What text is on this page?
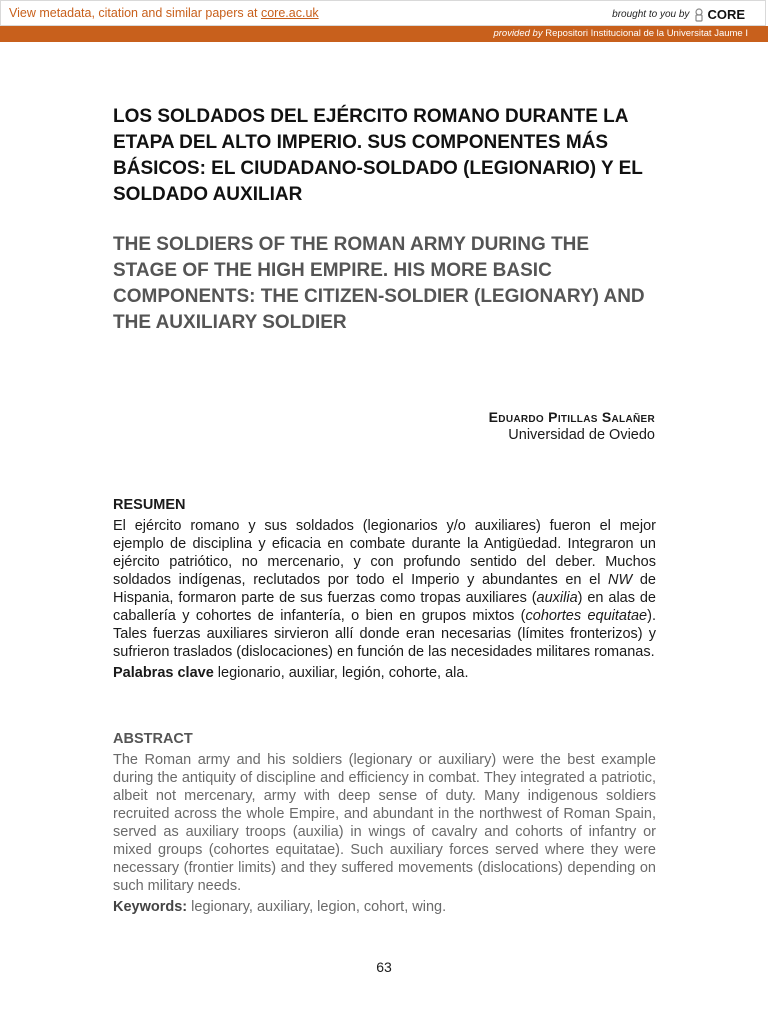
View metadata, citation and similar papers at core.ac.uk	brought to you by CORE
provided by Repositori Institucional de la Universitat Jaume I
LOS SOLDADOS DEL EJÉRCITO ROMANO DURANTE LA ETAPA DEL ALTO IMPERIO. SUS COMPONENTES MÁS BÁSICOS: EL CIUDADANO-SOLDADO (LEGIONARIO) Y EL SOLDADO AUXILIAR
THE SOLDIERS OF THE ROMAN ARMY DURING THE STAGE OF THE HIGH EMPIRE. HIS MORE BASIC COMPONENTS: THE CITIZEN-SOLDIER (LEGIONARY) AND THE AUXILIARY SOLDIER
Eduardo Pitillas Salañer
Universidad de Oviedo
RESUMEN

El ejército romano y sus soldados (legionarios y/o auxiliares) fueron el mejor ejemplo de disciplina y eficacia en combate durante la Antigüedad. Integraron un ejército patriótico, no mercenario, y con profundo sentido del deber. Muchos soldados indígenas, reclutados por todo el Imperio y abundantes en el NW de Hispania, formaron parte de sus fuerzas como tropas auxiliares (auxilia) en alas de caballería y cohortes de infantería, o bien en grupos mixtos (cohortes equitatae). Tales fuerzas auxiliares sirvieron allí donde eran necesarias (límites fronterizos) y sufrieron traslados (dislocaciones) en función de las necesidades militares romanas.

Palabras clave legionario, auxiliar, legión, cohorte, ala.
ABSTRACT

The Roman army and his soldiers (legionary or auxiliary) were the best example during the antiquity of discipline and efficiency in combat. They integrated a patriotic, albeit not mercenary, army with deep sense of duty. Many indigenous soldiers recruited across the whole Empire, and abundant in the northwest of Roman Spain, served as auxiliary troops (auxilia) in wings of cavalry and cohorts of infantry or mixed groups (cohortes equitatae). Such auxiliary forces served where they were necessary (frontier limits) and they suffered movements (dislocations) depending on such military needs.

Keywords: legionary, auxiliary, legion, cohort, wing.
63
